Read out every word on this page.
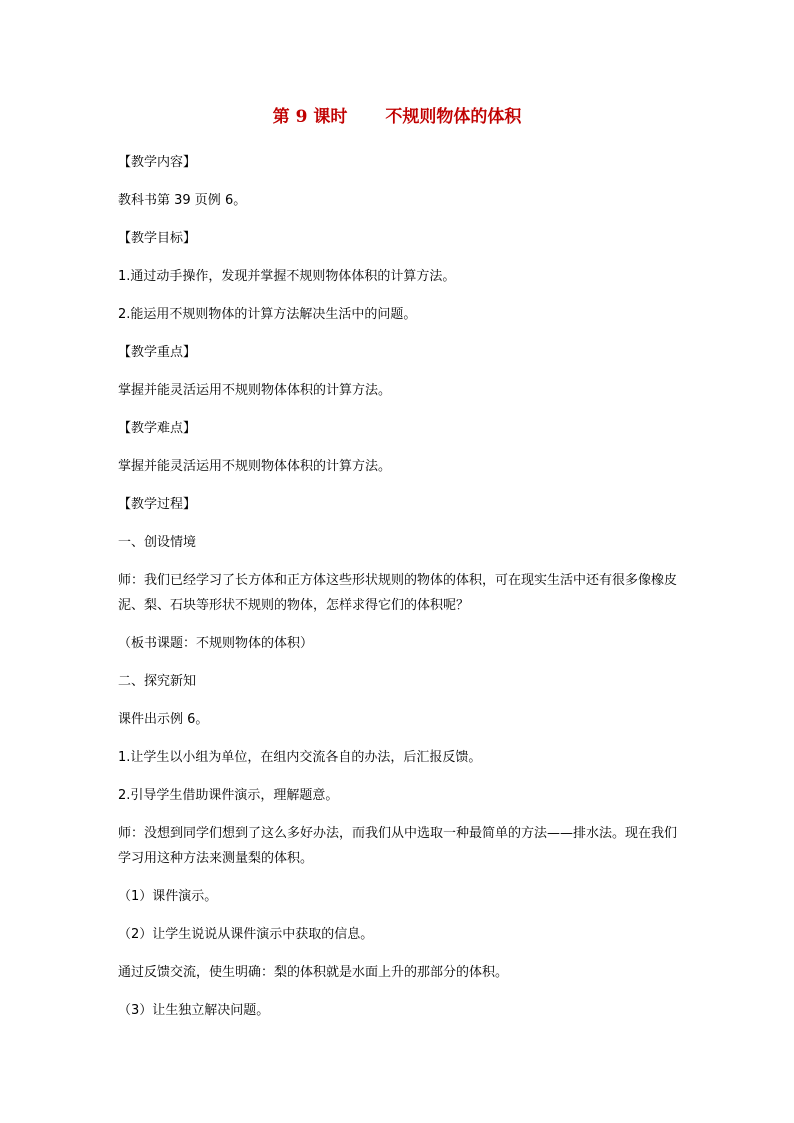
第 9 课时 不规则物体的体积

【教学内容】

教科书第 39 页例 6。

【教学目标】

1.通过动手操作，发现并掌握不规则物体体积的计算方法。

2.能运用不规则物体的计算方法解决生活中的问题。

【教学重点】

掌握并能灵活运用不规则物体体积的计算方法。

【教学难点】

掌握并能灵活运用不规则物体体积的计算方法。

【教学过程】

一、创设情境

师：我们已经学习了长方体和正方体这些形状规则的物体的体积，可在现实生活中还有很多像橡皮泥、梨、石块等形状不规则的物体，怎样求得它们的体积呢？

（板书课题：不规则物体的体积）

二、探究新知

课件出示例 6。

1.让学生以小组为单位，在组内交流各自的办法，后汇报反馈。

2.引导学生借助课件演示，理解题意。

师：没想到同学们想到了这么多好办法，而我们从中选取一种最简单的方法——排水法。现在我们学习用这种方法来测量梨的体积。

（1）课件演示。

（2）让学生说说从课件演示中获取的信息。

通过反馈交流，使生明确：梨的体积就是水面上升的那部分的体积。

（3）让生独立解决问题。
